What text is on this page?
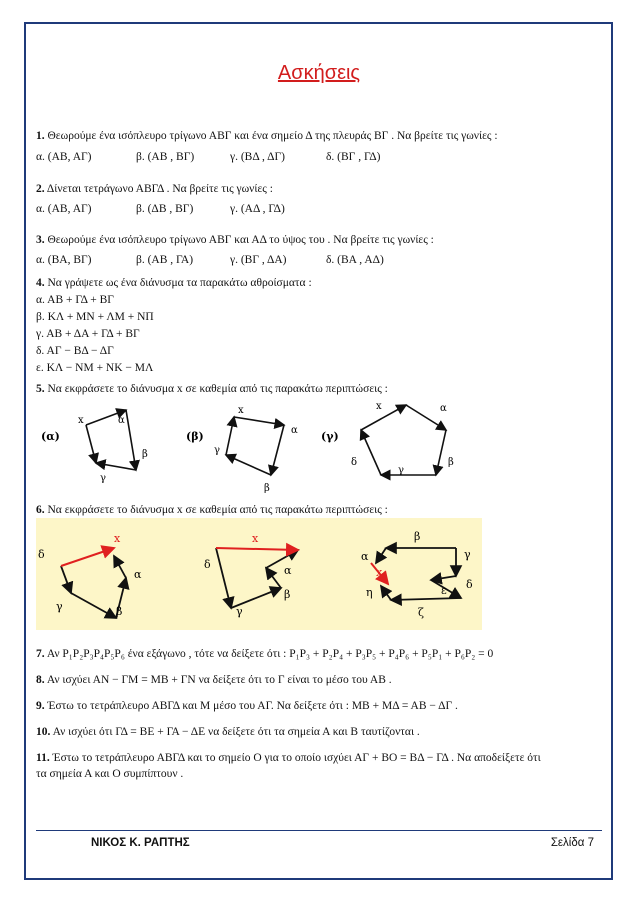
Ασκήσεις
1. Θεωρούμε ένα ισόπλευρο τρίγωνο ΑΒΓ και ένα σημείο Δ της πλευράς ΒΓ . Να βρείτε τις γωνίες :
α. (ΑΒ, ΑΓ)	β. (ΑΒ , ΒΓ)	γ. (ΒΔ , ΔΓ)	δ. (ΒΓ , ΓΔ)
2. Δίνεται τετράγωνο ΑΒΓΔ . Να βρείτε τις γωνίες :
α. (ΑΒ, ΑΓ)	β. (ΔΒ , ΒΓ)	γ. (ΑΔ , ΓΔ)
3. Θεωρούμε ένα ισόπλευρο τρίγωνο ΑΒΓ και ΑΔ το ύψος του . Να βρείτε τις γωνίες :
α. (ΒΑ, ΒΓ)	β. (ΑΒ , ΓΑ)	γ. (ΒΓ , ΔΑ)	δ. (ΒΑ , ΑΔ)
4. Να γράψετε ως ένα διάνυσμα τα παρακάτω αθροίσματα :
α. ΑΒ + ΓΔ + ΒΓ
β. ΚΛ + ΜΝ + ΛΜ + ΝΠ
γ. ΑΒ + ΔΑ + ΓΔ + ΒΓ
δ. ΑΓ − ΒΔ − ΔΓ
ε. ΚΛ − ΝΜ + ΝΚ − ΜΛ
5. Να εκφράσετε το διάνυσμα x σε καθεμία από τις παρακάτω περιπτώσεις :
(α)
x	α
β
γ
(β)
x
α
γ
β
(γ)
x	α
β
γ
δ
6. Να εκφράσετε το διάνυσμα x σε καθεμία από τις παρακάτω περιπτώσεις :
x
δ
α
β
γ
x
δ	α
β
γ
x
α
β
γ
δ
ε
ζ
η
7. Αν Ρ₁Ρ₂Ρ₃Ρ₄Ρ₅Ρ₆ ένα εξάγωνο , τότε να δείξετε ότι : Ρ₁Ρ₃ + Ρ₂Ρ₄ + Ρ₃Ρ₅ + Ρ₄Ρ₆ + Ρ₅Ρ₁ + Ρ₆Ρ₂ = 0
8. Αν ισχύει ΑΝ − ΓΜ = ΜΒ + ΓΝ να δείξετε ότι το Γ είναι το μέσο του ΑΒ .
9. Έστω το τετράπλευρο ΑΒΓΔ και Μ μέσο του ΑΓ. Να δείξετε ότι : ΜΒ + ΜΔ = ΑΒ − ΔΓ .
10. Αν ισχύει ότι ΓΔ = ΒΕ + ΓΑ − ΔΕ να δείξετε ότι τα σημεία Α και Β ταυτίζονται .
11. Έστω το τετράπλευρο ΑΒΓΔ και το σημείο Ο για το οποίο ισχύει ΑΓ + ΒΟ = ΒΔ − ΓΔ . Να αποδείξετε ότι
τα σημεία Α και Ο συμπίπτουν .
ΝΙΚΟΣ Κ. ΡΑΠΤΗΣ	Σελίδα 7
